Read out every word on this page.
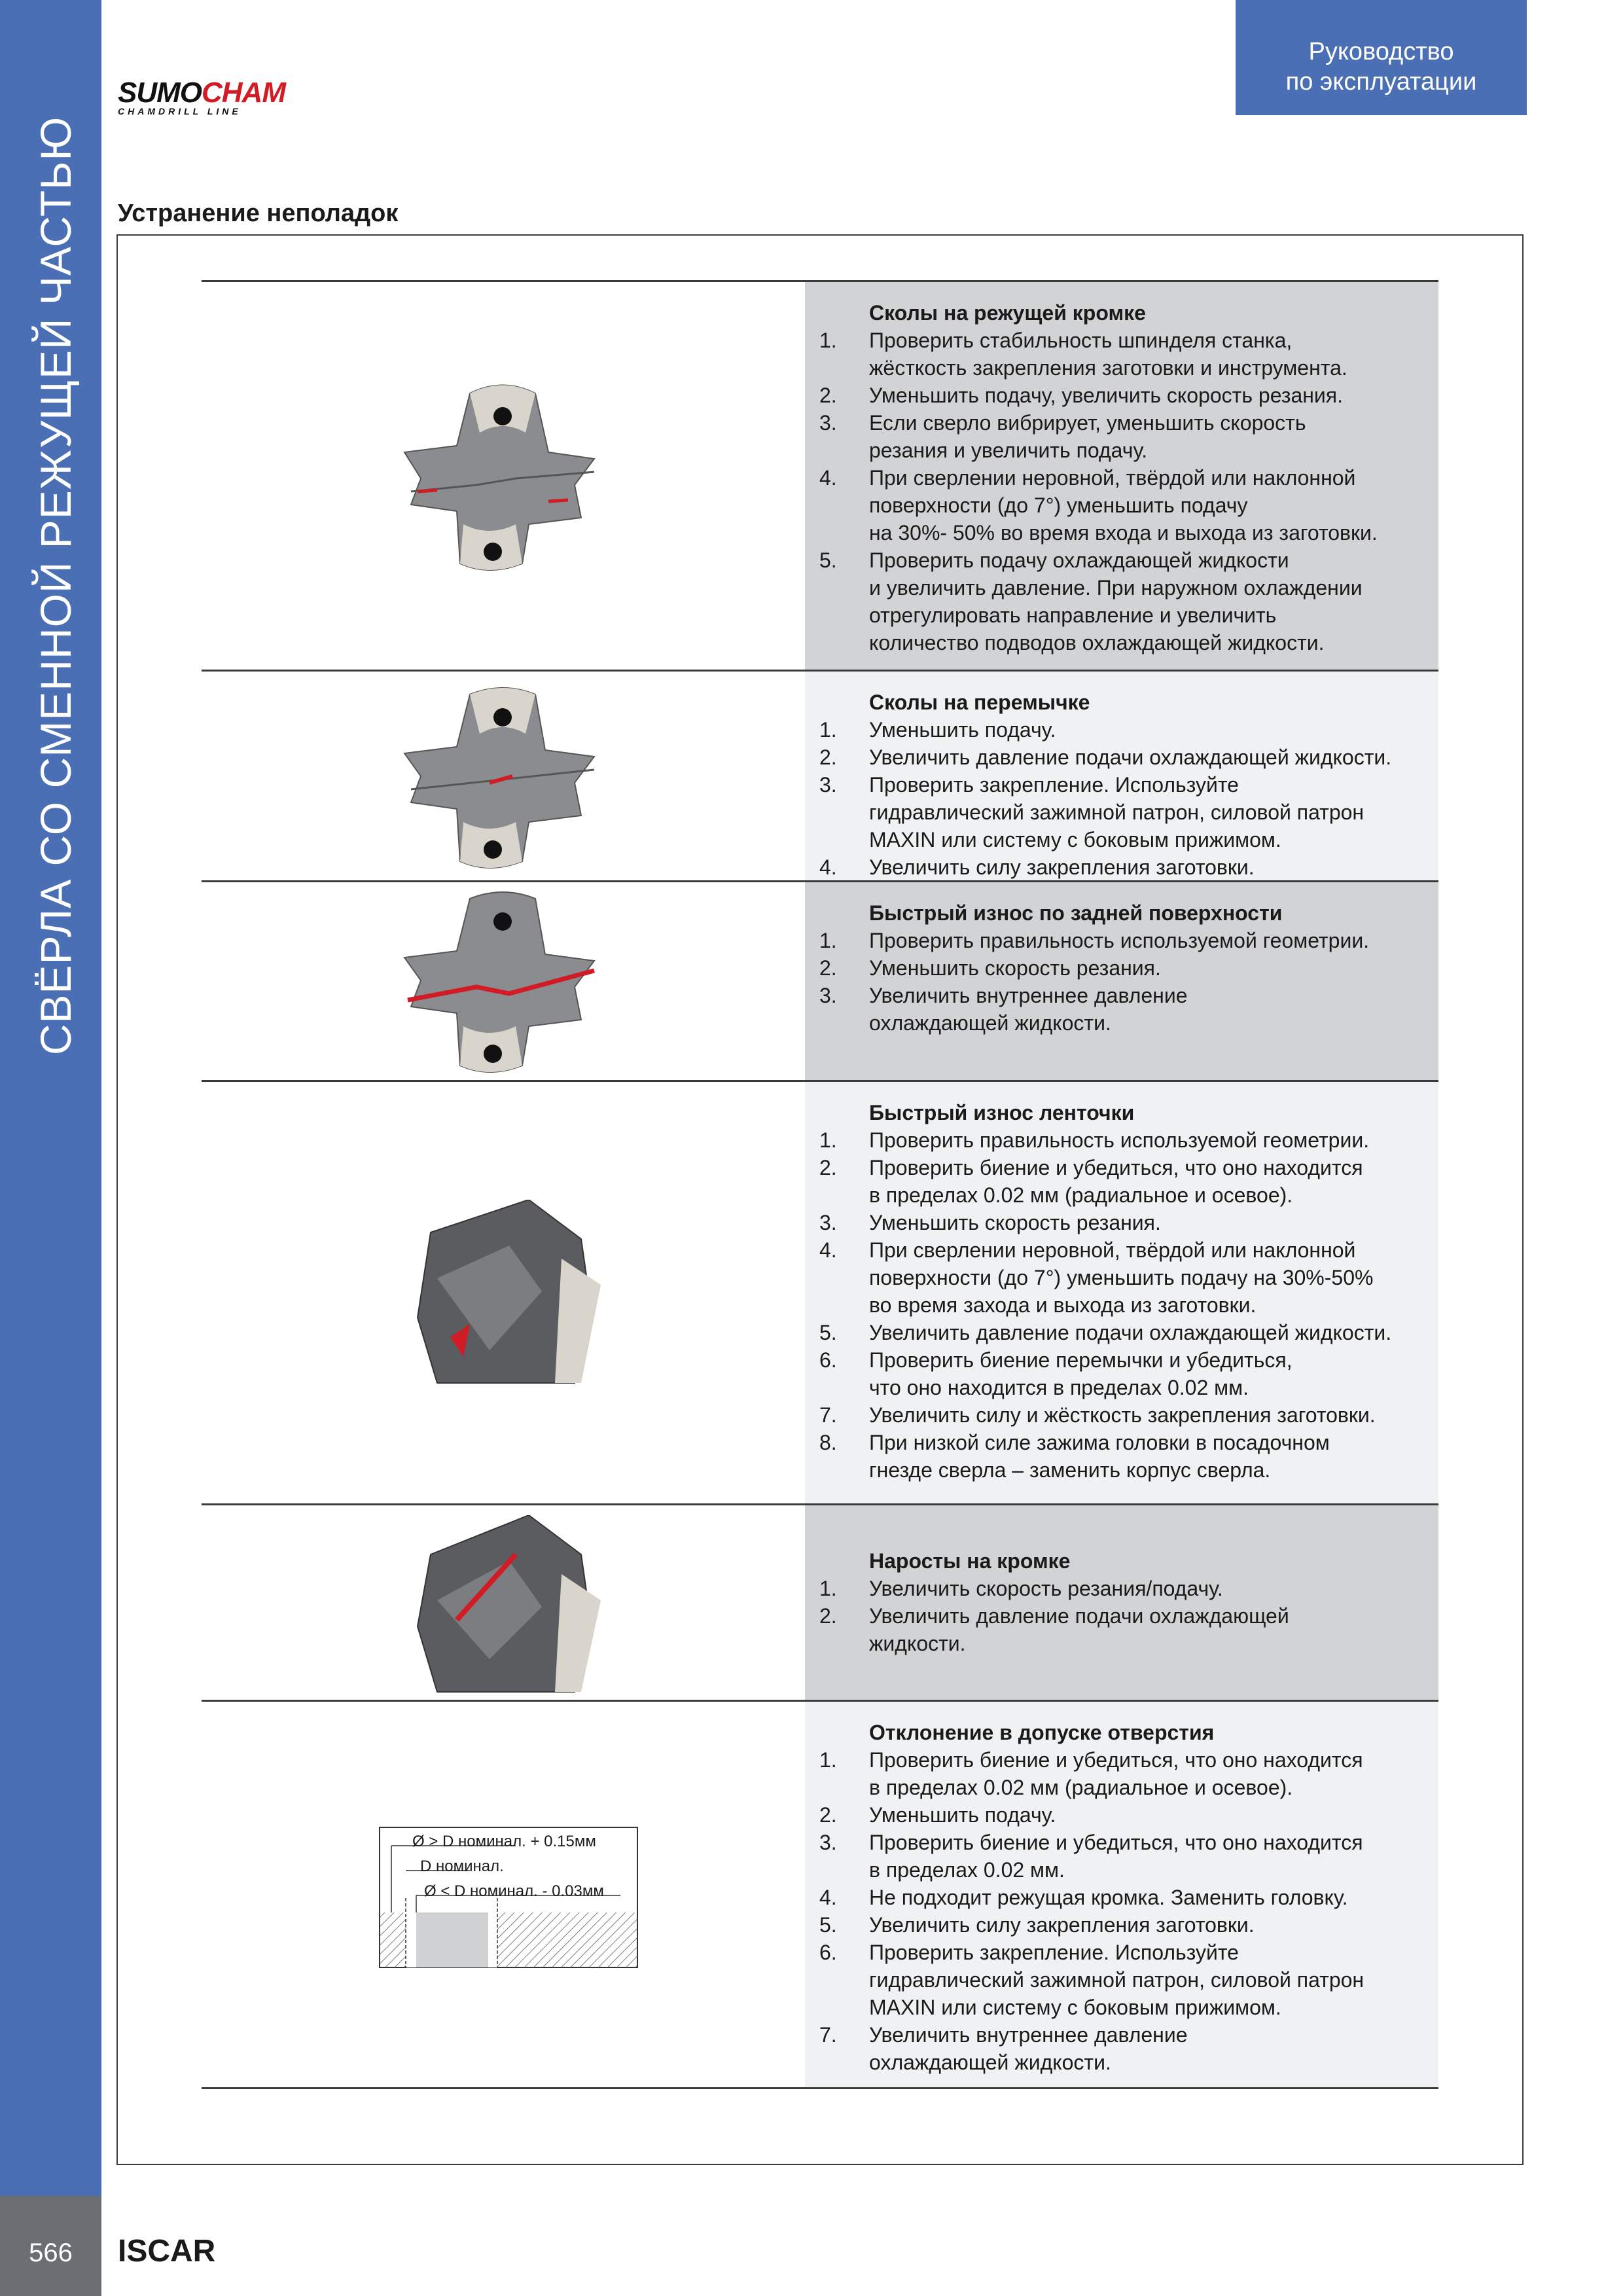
СВЁРЛА СО СМЕННОЙ РЕЖУЩЕЙ ЧАСТЬЮ
566	ISCAR
SUMOCHAM
CHAMDRILL LINE
Руководство
по эксплуатации
Устранение неполадок
Сколы на режущей кромке
1. Проверить стабильность шпинделя станка,
жёсткость закрепления заготовки и инструмента.
2. Уменьшить подачу, увеличить скорость резания.
3. Если сверло вибрирует, уменьшить скорость
резания и увеличить подачу.
4. При сверлении неровной, твёрдой или наклонной
поверхности (до 7°) уменьшить подачу
на 30%- 50% во время входа и выхода из заготовки.
5. Проверить подачу охлаждающей жидкости
и увеличить давление. При наружном охлаждении
отрегулировать направление и увеличить
количество подводов охлаждающей жидкости.
Сколы на перемычке
1. Уменьшить подачу.
2. Увеличить давление подачи охлаждающей жидкости.
3. Проверить закрепление. Используйте
гидравлический зажимной патрон, силовой патрон
MAXIN или систему с боковым прижимом.
4. Увеличить силу закрепления заготовки.
Быстрый износ по задней поверхности
1. Проверить правильность используемой геометрии.
2. Уменьшить скорость резания.
3. Увеличить внутреннее давление
охлаждающей жидкости.
Быстрый износ ленточки
1. Проверить правильность используемой геометрии.
2. Проверить биение и убедиться, что оно находится
в пределах 0.02 мм (радиальное и осевое).
3. Уменьшить скорость резания.
4. При сверлении неровной, твёрдой или наклонной
поверхности (до 7°) уменьшить подачу на 30%-50%
во время захода и выхода из заготовки.
5. Увеличить давление подачи охлаждающей жидкости.
6. Проверить биение перемычки и убедиться,
что оно находится в пределах 0.02 мм.
7. Увеличить силу и жёсткость закрепления заготовки.
8. При низкой силе зажима головки в посадочном
гнезде сверла – заменить корпус сверла.
Наросты на кромке
1. Увеличить скорость резания/подачу.
2. Увеличить давление подачи охлаждающей
жидкости.
Ø > D номинал. + 0.15мм
D номинал.
Ø < D номинал. - 0.03мм
Отклонение в допуске отверстия
1. Проверить биение и убедиться, что оно находится
в пределах 0.02 мм (радиальное и осевое).
2. Уменьшить подачу.
3. Проверить биение и убедиться, что оно находится
в пределах 0.02 мм.
4. Не подходит режущая кромка. Заменить головку.
5. Увеличить силу закрепления заготовки.
6. Проверить закрепление. Используйте
гидравлический зажимной патрон, силовой патрон
MAXIN или систему с боковым прижимом.
7. Увеличить внутреннее давление
охлаждающей жидкости.
